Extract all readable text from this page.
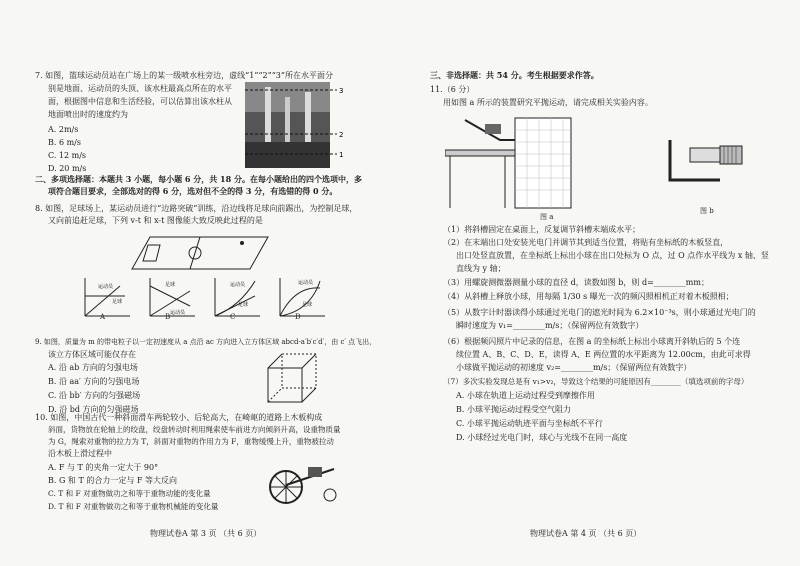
7. 如图，篮球运动员站在广场上的某一级喷水柱旁边，虚线“1”“2”“3”所在水平面分
别是地面、运动员的头顶、该水柱最高点所在的水平
面，根据图中信息和生活经验，可以估算出该水柱从
地面喷出时的速度约为
A. 2m/s
B. 6 m/s
C. 12 m/s
D. 20 m/s
3
2
1
二、多项选择题：本题共 3 小题，每小题 6 分，共 18 分。在每小题给出的四个选项中，多
项符合题目要求，全部选对的得 6 分，选对但不全的得 3 分，有选错的得 0 分。
8. 如图，足球场上，某运动员进行“边路突破”训练，沿边线将足球向前踢出，为控制足球，
又向前追赶足球，下列 v-t 和 x-t 图像能大致反映此过程的是
运动员
足球
足球
运动员
运动员
足球
运动员
足球
A	B	C	D
9. 如图，质量为 m 的带电粒子以一定初速度从 a 点沿 ac 方向进入立方体区域 abcd-a′b′c′d′，由 c′ 点飞出，
该立方体区域可能仅存在
A. 沿 ab 方向的匀强电场
B. 沿 aa′ 方向的匀强电场
C. 沿 bb′ 方向的匀强磁场
D. 沿 bd 方向的匀强磁场
10. 如图，中国古代一种斜面滑车两轮较小、后轮高大，在崎岖的道路上木板构成
斜面，货物放在轮轴上的绞盘，绞盘转动时利用绳索使车前进方向倾斜升高，设重物质量
为 G，绳索对重物的拉力为 T，斜面对重物的作用力为 F，重物缓慢上升，重物被拉动
沿木板上滑过程中
A. F 与 T 的夹角一定大于 90°
B. G 和 T 的合力一定与 F 等大反向
C. T 和 F 对重物做功之和等于重物动能的变化量
D. T 和 F 对重物做功之和等于重物机械能的变化量
物理试卷A 第 3 页 （共 6 页）
三、非选择题：共 54 分。考生根据要求作答。
11.（6 分）
用如图 a 所示的装置研究平抛运动，请完成相关实验内容。
图 a
图 b
（1）将斜槽固定在桌面上，反复调节斜槽末端成水平；
（2）在末端出口处安装光电门并调节其到适当位置，将贴有坐标纸的木板竖直，
出口处竖直放置，在坐标纸上标出小球在出口处标为 O 点，过 O 点作水平线为 x 轴、竖
直线为 y 轴；
（3）用螺旋测微器测量小球的直径 d，读数如图 b，则 d=________mm；
（4）从斜槽上释放小球，用每隔 1/30 s 曝光一次的频闪照相机正对着木板照相；
（5）从数字计时器读得小球通过光电门的遮光时间为 6.2×10⁻³s，则小球通过光电门的
瞬时速度为 v₁=________m/s；（保留两位有效数字）
（6）根据频闪照片中记录的信息，在图 a 的坐标纸上标出小球离开斜轨后的 5 个连
续位置 A、B、C、D、E，读得 A、E 两位置的水平距离为 12.00cm，由此可求得
小球做平抛运动的初速度 v₂=________m/s；（保留两位有效数字）
（7）多次实验发现总是有 v₁>v₂，导致这个结果的可能原因有________（填选项前的字母）
A. 小球在轨道上运动过程受到摩擦作用
B. 小球平抛运动过程受空气阻力
C. 小球平抛运动轨迹平面与坐标纸不平行
D. 小球经过光电门时，球心与光线不在同一高度
物理试卷A 第 4 页 （共 6 页）
